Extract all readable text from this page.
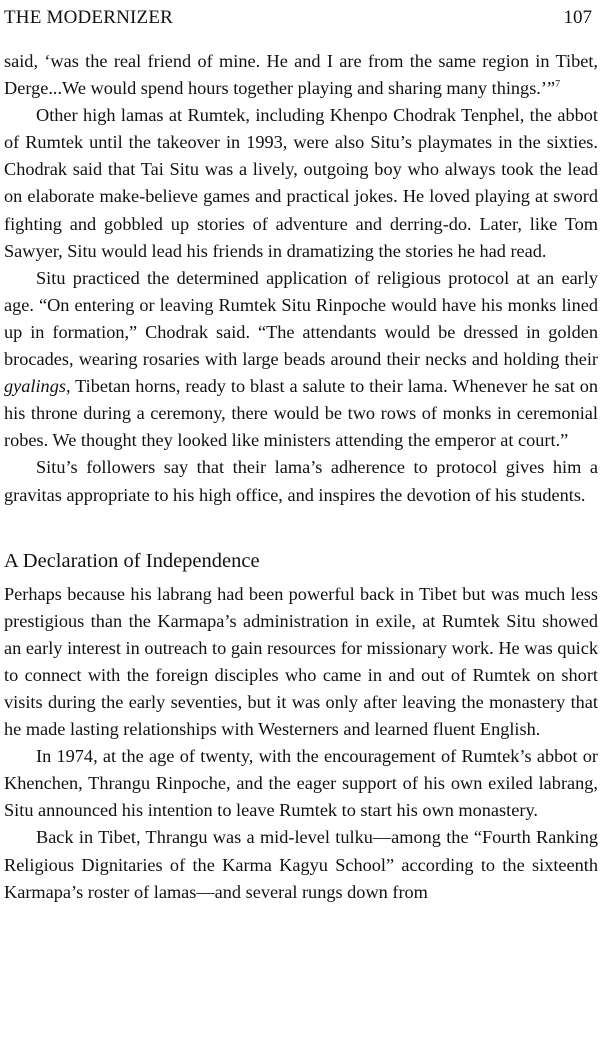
THE MODERNIZER	107

said, ‘was the real friend of mine. He and I are from the same region in Tibet, Derge...We would spend hours together playing and sharing many things.’”$^7$

Other high lamas at Rumtek, including Khenpo Chodrak Tenphel, the abbot of Rumtek until the takeover in 1993, were also Situ’s playmates in the sixties. Chodrak said that Tai Situ was a lively, outgoing boy who always took the lead on elaborate make-believe games and practical jokes. He loved playing at sword fighting and gobbled up stories of adventure and derring-do. Later, like Tom Sawyer, Situ would lead his friends in dramatizing the stories he had read.

Situ practiced the determined application of religious protocol at an early age. “On entering or leaving Rumtek Situ Rinpoche would have his monks lined up in formation,” Chodrak said. “The attendants would be dressed in golden brocades, wearing rosaries with large beads around their necks and holding their gyalings, Tibetan horns, ready to blast a salute to their lama. Whenever he sat on his throne during a ceremony, there would be two rows of monks in ceremonial robes. We thought they looked like ministers attending the emperor at court.”

Situ’s followers say that their lama’s adherence to protocol gives him a gravitas appropriate to his high office, and inspires the devotion of his students.

A Declaration of Independence

Perhaps because his labrang had been powerful back in Tibet but was much less prestigious than the Karmapa’s administration in exile, at Rumtek Situ showed an early interest in outreach to gain resources for missionary work. He was quick to connect with the foreign disciples who came in and out of Rumtek on short visits during the early seventies, but it was only after leaving the monastery that he made lasting relationships with Westerners and learned fluent English.

In 1974, at the age of twenty, with the encouragement of Rumtek’s abbot or Khenchen, Thrangu Rinpoche, and the eager support of his own exiled labrang, Situ announced his intention to leave Rumtek to start his own monastery.

Back in Tibet, Thrangu was a mid-level tulku—among the “Fourth Ranking Religious Dignitaries of the Karma Kagyu School” according to the sixteenth Karmapa’s roster of lamas—and several rungs down from
